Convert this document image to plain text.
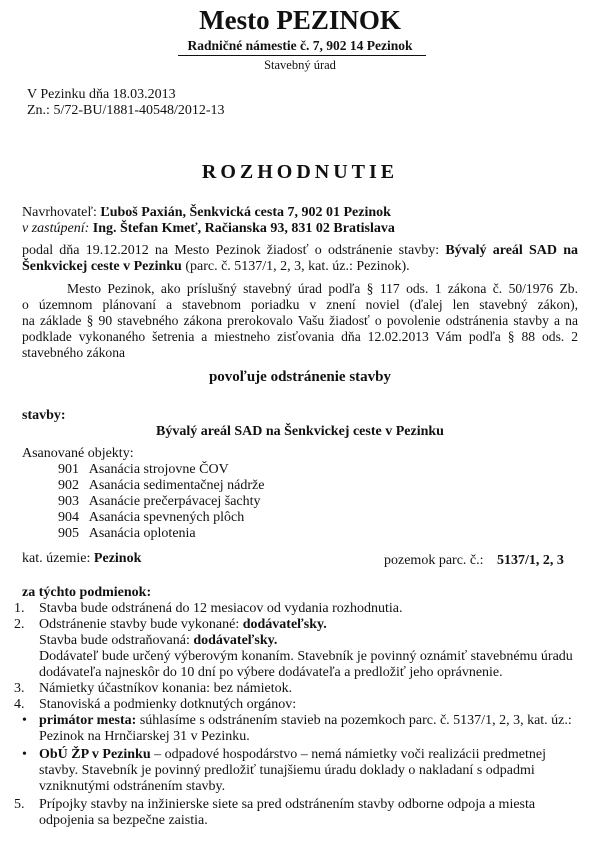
Mesto PEZINOK
Radničné námestie č. 7, 902 14 Pezinok
Stavebný úrad
V Pezinku dňa 18.03.2013
Zn.: 5/72-BU/1881-40548/2012-13
ROZHODNUTIE
Navrhovateľ: Ľuboš Paxián, Šenkvická cesta 7, 902 01 Pezinok
v zastúpení: Ing. Štefan Kmeť, Račianska 93, 831 02 Bratislava
podal dňa 19.12.2012 na Mesto Pezinok žiadosť o odstránenie stavby: Bývalý areál SAD na
Šenkvickej ceste v Pezinku (parc. č. 5137/1, 2, 3, kat. úz.: Pezinok).
Mesto Pezinok, ako príslušný stavebný úrad podľa § 117 ods. 1 zákona č. 50/1976 Zb.
o územnom plánovaní a stavebnom poriadku v znení noviel (ďalej len stavebný zákon),
na základe § 90 stavebného zákona prerokovalo Vašu žiadosť o povolenie odstránenia stavby a na
podklade vykonaného šetrenia a miestneho zisťovania dňa 12.02.2013 Vám podľa § 88 ods. 2
stavebného zákona
povoľuje odstránenie stavby
stavby:
Bývalý areál SAD na Šenkvickej ceste v Pezinku
Asanované objekty:
901 Asanácia strojovne ČOV
902 Asanácia sedimentačnej nádrže
903 Asanácie prečerpávacej šachty
904 Asanácia spevnených plôch
905 Asanácia oplotenia
kat. územie: Pezinok	pozemok parc. č.: 5137/1, 2, 3
za týchto podmienok:
1. Stavba bude odstránená do 12 mesiacov od vydania rozhodnutia.
2. Odstránenie stavby bude vykonané: dodávateľsky.
Stavba bude odstraňovaná: dodávateľsky.
Dodávateľ bude určený výberovým konaním. Stavebník je povinný oznámiť stavebnému úradu
dodávateľa najneskôr do 10 dní po výbere dodávateľa a predložiť jeho oprávnenie.
3. Námietky účastníkov konania: bez námietok.
4. Stanoviská a podmienky dotknutých orgánov:
• primátor mesta: súhlasíme s odstránením stavieb na pozemkoch parc. č. 5137/1, 2, 3, kat. úz.:
Pezinok na Hrnčiarskej 31 v Pezinku.
• ObÚ ŽP v Pezinku – odpadové hospodárstvo – nemá námietky voči realizácii predmetnej
stavby. Stavebník je povinný predložiť tunajšiemu úradu doklady o nakladaní s odpadmi
vzniknutými odstránením stavby.
5. Prípojky stavby na inžinierske siete sa pred odstránením stavby odborne odpoja a miesta
odpojenia sa bezpečne zaistia.
